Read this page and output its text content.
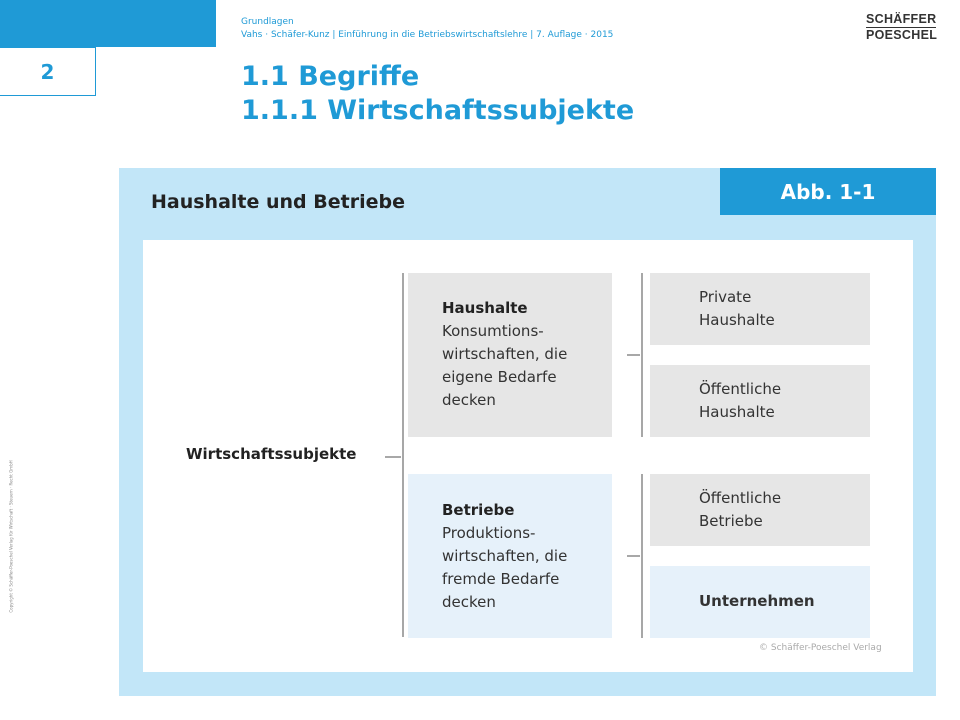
2
Grundlagen
Vahs · Schäfer-Kunz | Einführung in die Betriebswirtschaftslehre | 7. Auflage · 2015
SCHÄFFER
POESCHEL
1.1 Begriffe
1.1.1 Wirtschaftssubjekte
Copyright © Schäffer-Poeschel Verlag für Wirtschaft · Steuern · Recht GmbH
Haushalte und Betriebe	Abb. 1-1
Wirtschaftssubjekte
Haushalte
Konsumtions-
wirtschaften, die
eigene Bedarfe
decken
Betriebe
Produktions-
wirtschaften, die
fremde Bedarfe
decken
Private
Haushalte
Öffentliche
Haushalte
Öffentliche
Betriebe
Unternehmen
© Schäffer-Poeschel Verlag
